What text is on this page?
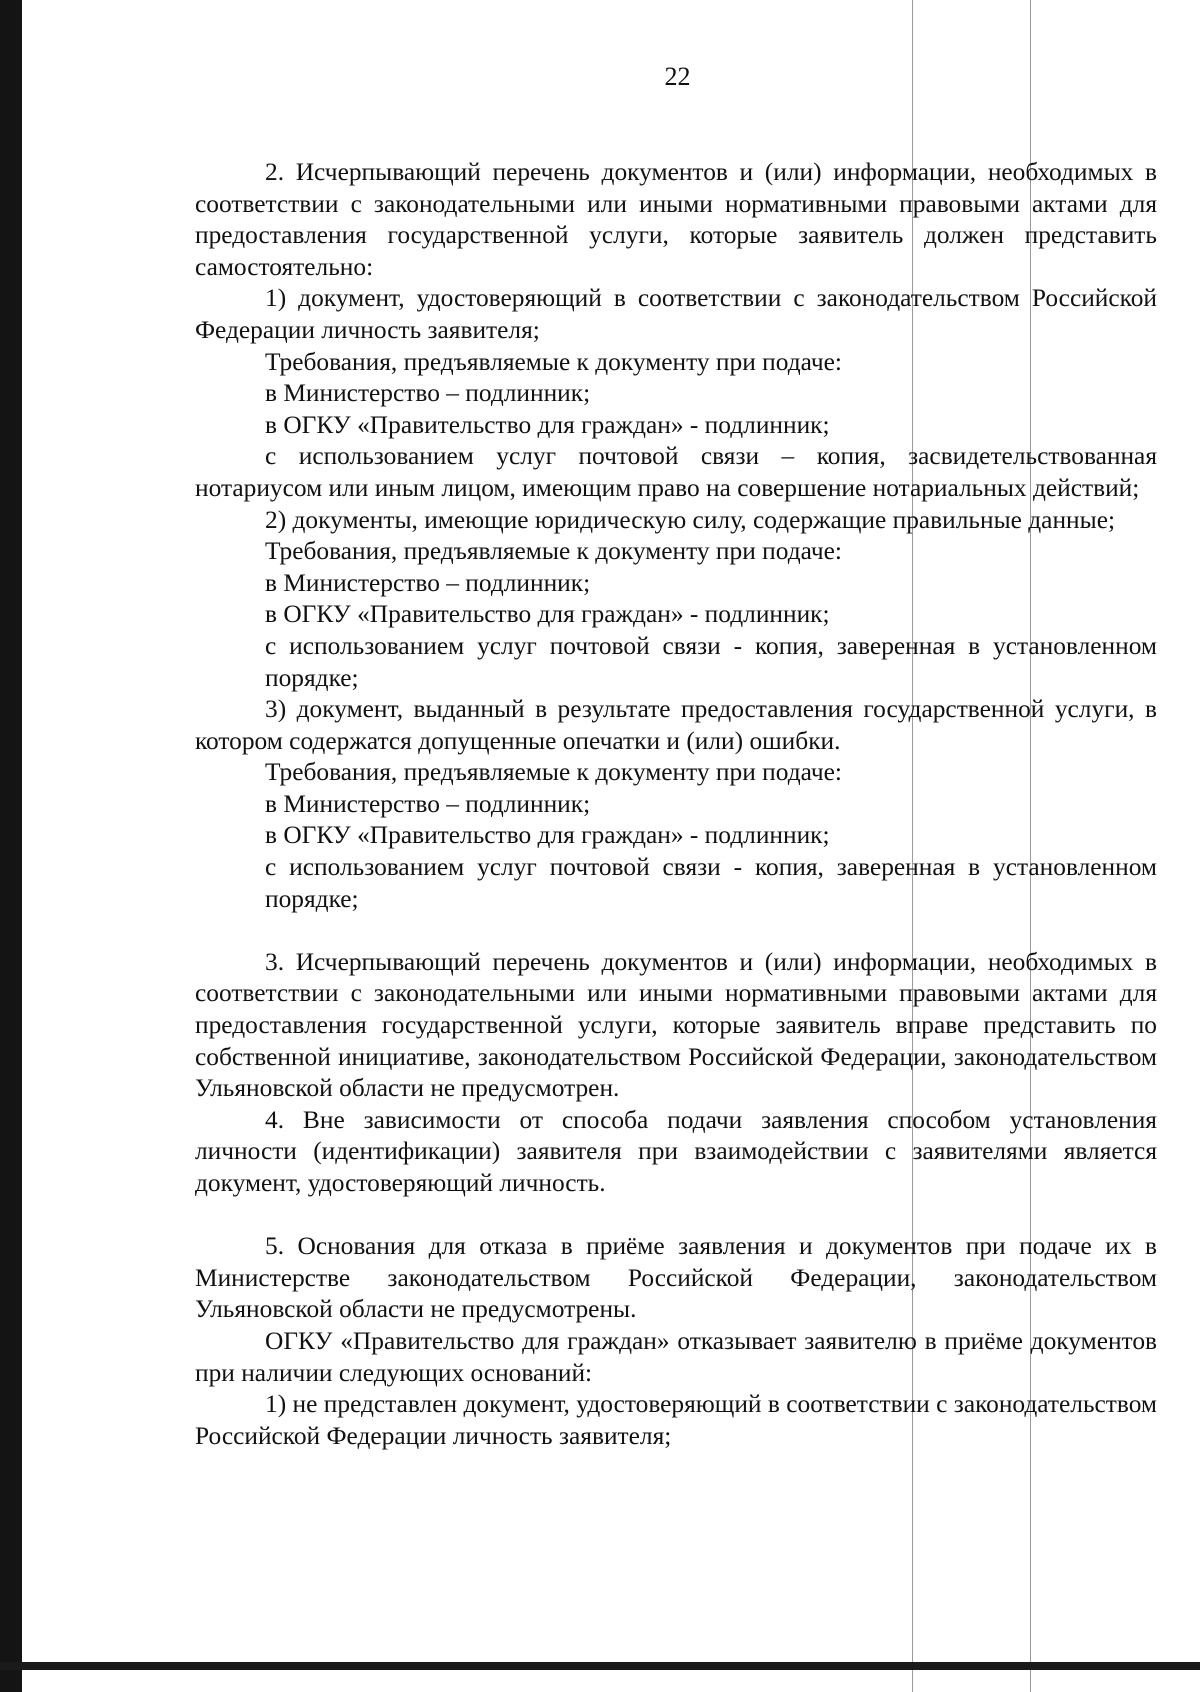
22

2. Исчерпывающий перечень документов и (или) информации, необходимых в соответствии с законодательными или иными нормативными правовыми актами для предоставления государственной услуги, которые заявитель должен представить самостоятельно:

1) документ, удостоверяющий в соответствии с законодательством Российской Федерации личность заявителя;

Требования, предъявляемые к документу при подаче:

в Министерство – подлинник;

в ОГКУ «Правительство для граждан» - подлинник;

с использованием услуг почтовой связи – копия, засвидетельствованная нотариусом или иным лицом, имеющим право на совершение нотариальных действий;

2) документы, имеющие юридическую силу, содержащие правильные данные;

Требования, предъявляемые к документу при подаче:

в Министерство – подлинник;

в ОГКУ «Правительство для граждан» - подлинник;

с использованием услуг почтовой связи - копия, заверенная в установленном порядке;

3) документ, выданный в результате предоставления государственной услуги, в котором содержатся допущенные опечатки и (или) ошибки.

Требования, предъявляемые к документу при подаче:

в Министерство – подлинник;

в ОГКУ «Правительство для граждан» - подлинник;

с использованием услуг почтовой связи - копия, заверенная в установленном порядке;

3. Исчерпывающий перечень документов и (или) информации, необходимых в соответствии с законодательными или иными нормативными правовыми актами для предоставления государственной услуги, которые заявитель вправе представить по собственной инициативе, законодательством Российской Федерации, законодательством Ульяновской области не предусмотрен.

4. Вне зависимости от способа подачи заявления способом установления личности (идентификации) заявителя при взаимодействии с заявителями является документ, удостоверяющий личность.

5. Основания для отказа в приёме заявления и документов при подаче их в Министерстве законодательством Российской Федерации, законодательством Ульяновской области не предусмотрены.

ОГКУ «Правительство для граждан» отказывает заявителю в приёме документов при наличии следующих оснований:

1) не представлен документ, удостоверяющий в соответствии с законодательством Российской Федерации личность заявителя;
